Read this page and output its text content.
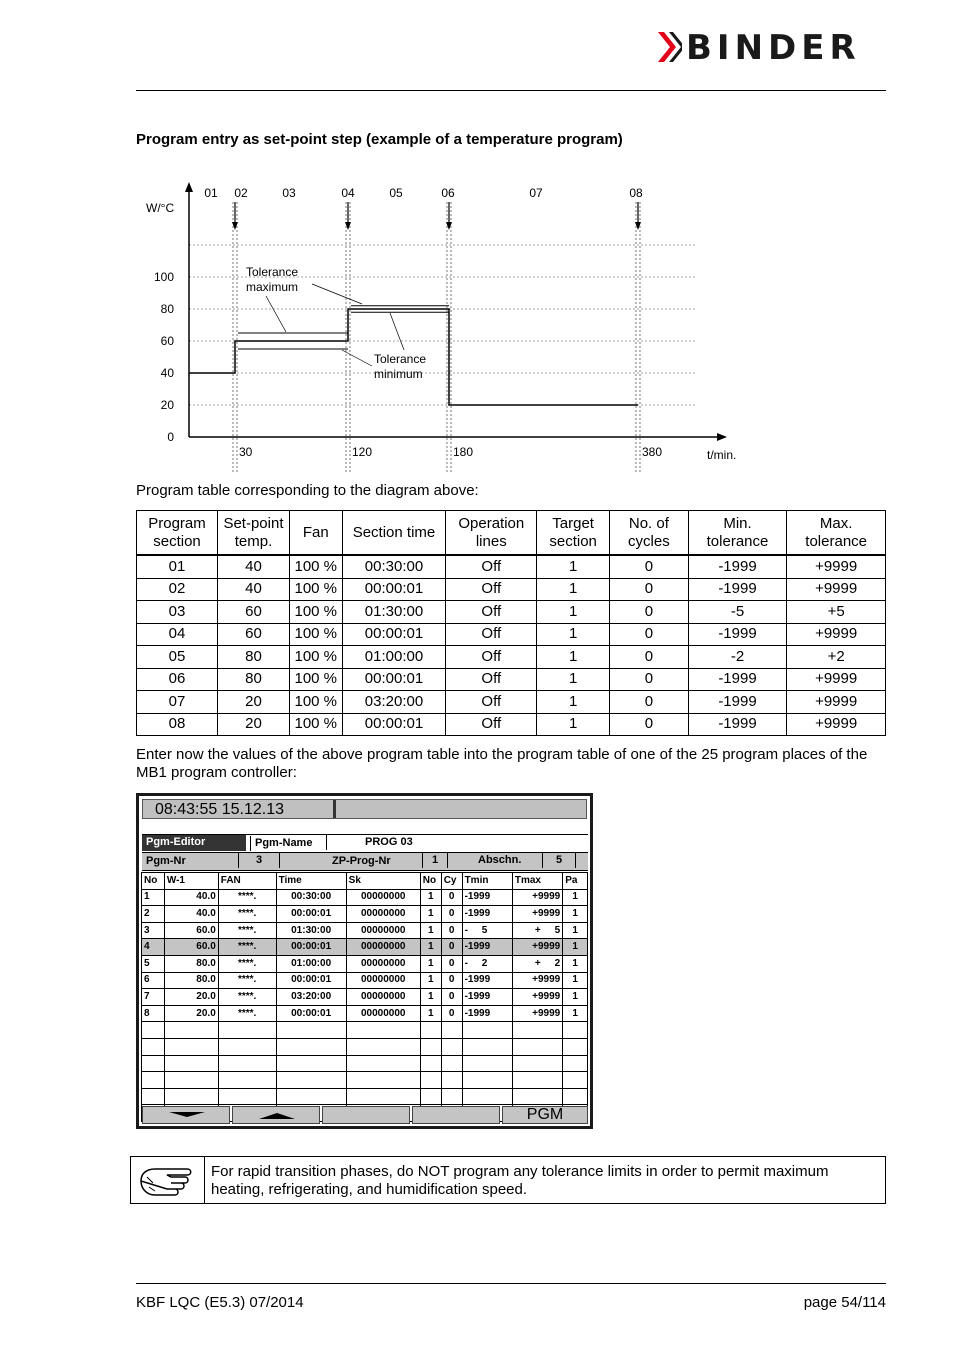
BINDER
Program entry as set-point step (example of a temperature program)
W/°C
t/min.
0
20
40
60
80
100
30	120	180	380
01 02	03	04	05	06	07	08
Tolerance maximum
Tolerance minimum
Program table corresponding to the diagram above:
Program section	Set-point temp.	Fan	Section time	Operation lines	Target section	No. of cycles	Min. tolerance	Max. tolerance
01	40	100 %	00:30:00	Off	1	0	-1999	+9999
02	40	100 %	00:00:01	Off	1	0	-1999	+9999
03	60	100 %	01:30:00	Off	1	0	-5	+5
04	60	100 %	00:00:01	Off	1	0	-1999	+9999
05	80	100 %	01:00:00	Off	1	0	-2	+2
06	80	100 %	00:00:01	Off	1	0	-1999	+9999
07	20	100 %	03:20:00	Off	1	0	-1999	+9999
08	20	100 %	00:00:01	Off	1	0	-1999	+9999
Enter now the values of the above program table into the program table of one of the 25 program places of the MB1 program controller:
08:43:55 15.12.13
Pgm-Editor	Pgm-Name	PROG 03
Pgm-Nr	3	ZP-Prog-Nr	1	Abschn.	5
No	W-1	FAN	Time	Sk	No	Cy	Tmin	Tmax	Pa
1	40.0	****.	00:30:00	00000000	1	0	-1999	+9999	1
2	40.0	****.	00:00:01	00000000	1	0	-1999	+9999	1
3	60.0	****.	01:30:00	00000000	1	0	-     5	+     5	1
4	60.0	****.	00:00:01	00000000	1	0	-1999	+9999	1
5	80.0	****.	01:00:00	00000000	1	0	-     2	+     2	1
6	80.0	****.	00:00:01	00000000	1	0	-1999	+9999	1
7	20.0	****.	03:20:00	00000000	1	0	-1999	+9999	1
8	20.0	****.	00:00:01	00000000	1	0	-1999	+9999	1

PGM
For rapid transition phases, do NOT program any tolerance limits in order to permit maximum heating, refrigerating, and humidification speed.
KBF LQC (E5.3) 07/2014	page 54/114
